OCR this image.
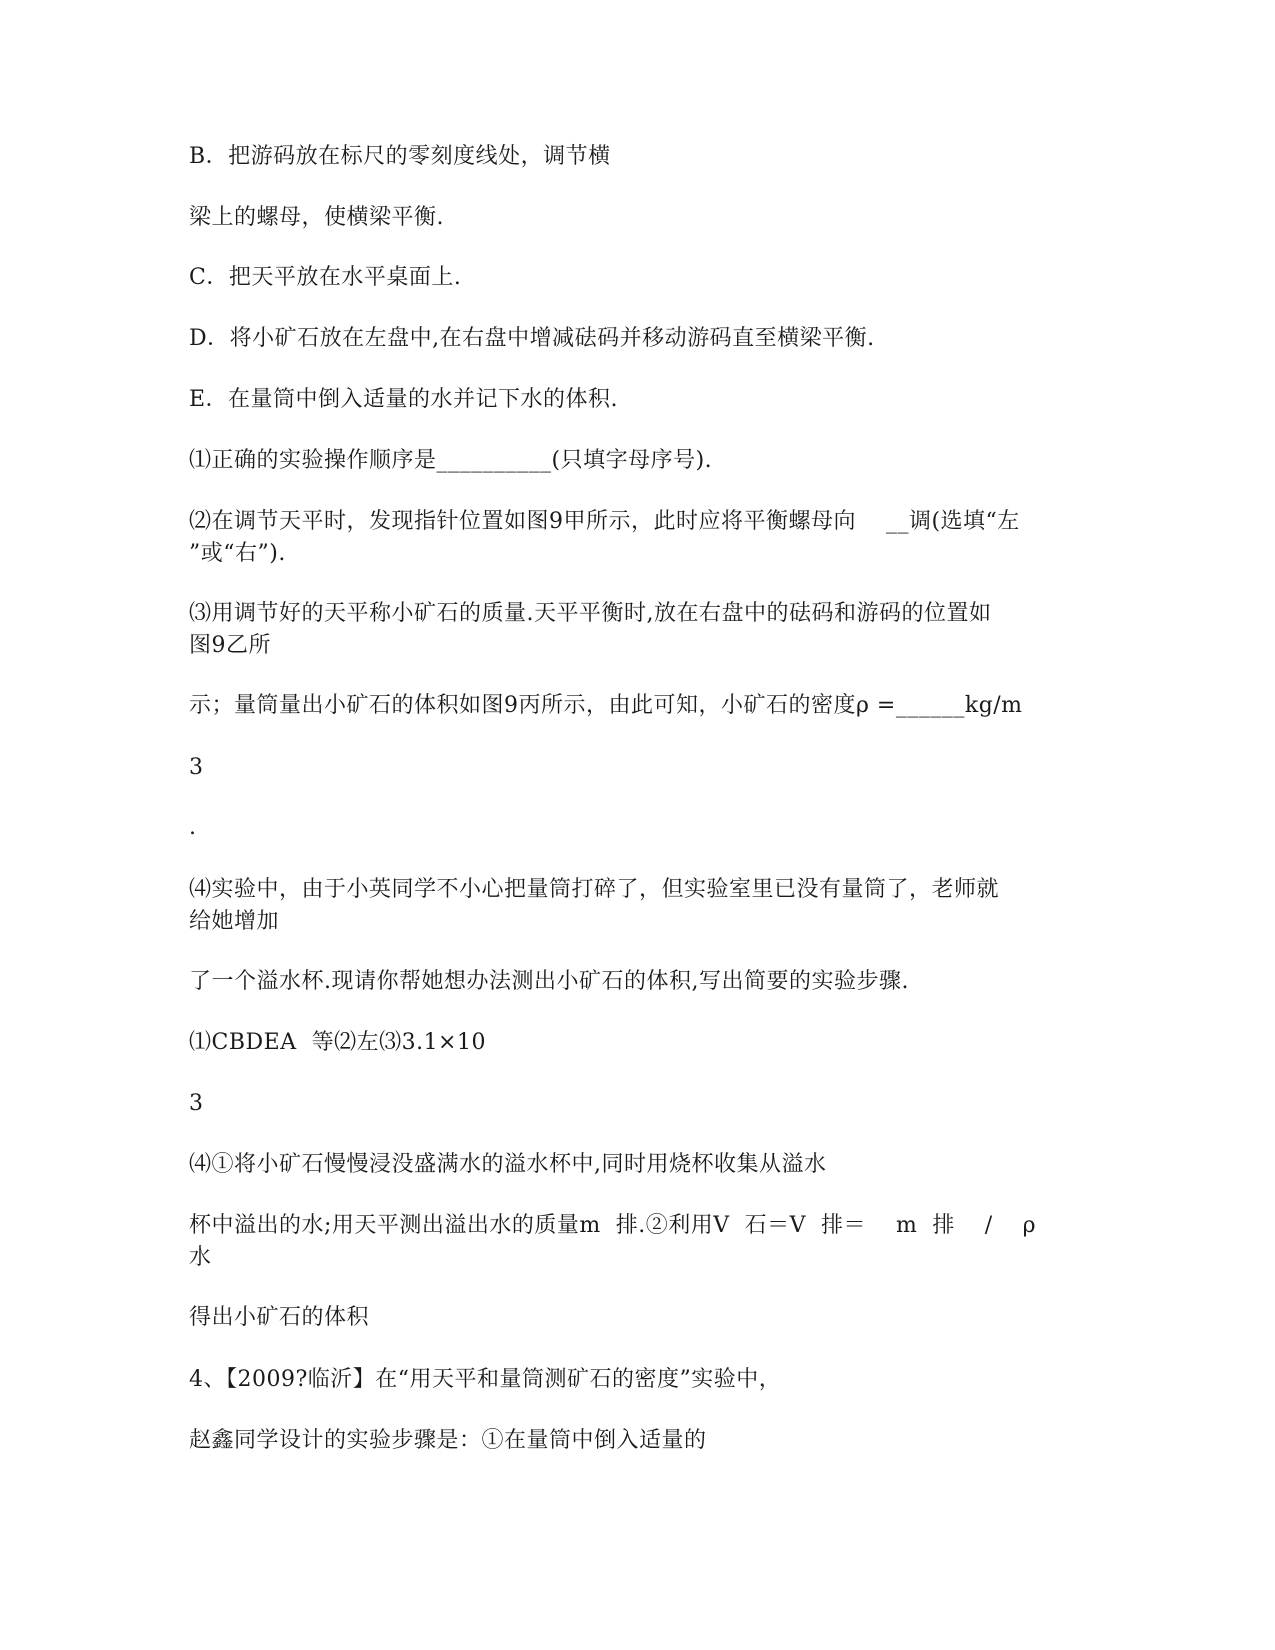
B．把游码放在标尺的零刻度线处，调节横
梁上的螺母，使横梁平衡.
C．把天平放在水平桌面上.
D．将小矿石放在左盘中,在右盘中增减砝码并移动游码直至横梁平衡.
E．在量筒中倒入适量的水并记下水的体积.
⑴正确的实验操作顺序是__________(只填字母序号).
⑵在调节天平时，发现指针位置如图9甲所示，此时应将平衡螺母向    __调(选填“左
”或“右”).
⑶用调节好的天平称小矿石的质量.天平平衡时,放在右盘中的砝码和游码的位置如
图9乙所
示；量筒量出小矿石的体积如图9丙所示，由此可知，小矿石的密度ρ =______kg/m
3
.
⑷实验中，由于小英同学不小心把量筒打碎了，但实验室里已没有量筒了，老师就
给她增加
了一个溢水杯.现请你帮她想办法测出小矿石的体积,写出简要的实验步骤.
⑴CBDEA  等⑵左⑶3.1×10
3
⑷①将小矿石慢慢浸没盛满水的溢水杯中,同时用烧杯收集从溢水
杯中溢出的水;用天平测出溢出水的质量m  排.②利用V  石＝V  排＝    m  排    /    ρ
水
得出小矿石的体积
4、【2009?临沂】在“用天平和量筒测矿石的密度”实验中，
赵鑫同学设计的实验步骤是：①在量筒中倒入适量的
